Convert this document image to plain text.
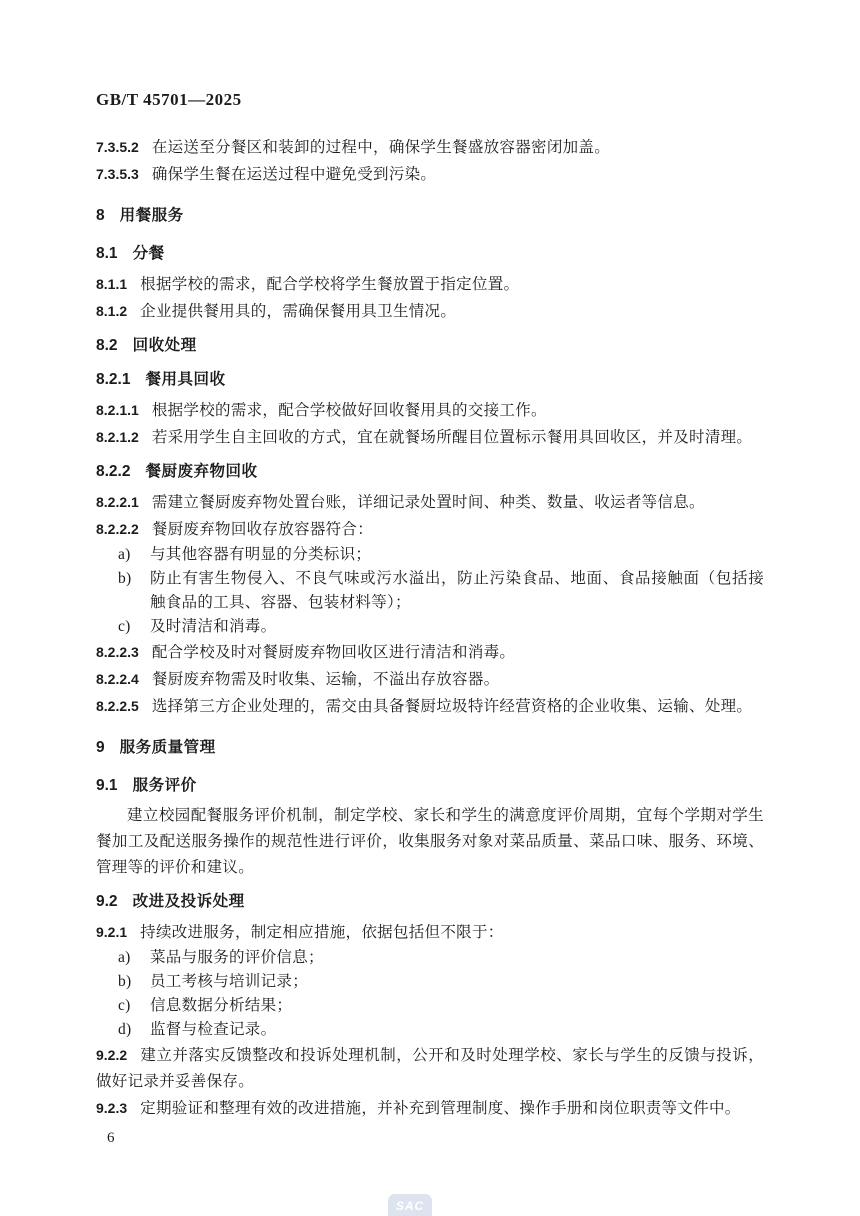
GB/T 45701—2025
7.3.5.2 在运送至分餐区和装卸的过程中，确保学生餐盛放容器密闭加盖。
7.3.5.3 确保学生餐在运送过程中避免受到污染。
8 用餐服务
8.1 分餐
8.1.1 根据学校的需求，配合学校将学生餐放置于指定位置。
8.1.2 企业提供餐用具的，需确保餐用具卫生情况。
8.2 回收处理
8.2.1 餐用具回收
8.2.1.1 根据学校的需求，配合学校做好回收餐用具的交接工作。
8.2.1.2 若采用学生自主回收的方式，宜在就餐场所醒目位置标示餐用具回收区，并及时清理。
8.2.2 餐厨废弃物回收
8.2.2.1 需建立餐厨废弃物处置台账，详细记录处置时间、种类、数量、收运者等信息。
8.2.2.2 餐厨废弃物回收存放容器符合：
a) 与其他容器有明显的分类标识；
b) 防止有害生物侵入、不良气味或污水溢出，防止污染食品、地面、食品接触面（包括接触食品的工具、容器、包装材料等）；
c) 及时清洁和消毒。
8.2.2.3 配合学校及时对餐厨废弃物回收区进行清洁和消毒。
8.2.2.4 餐厨废弃物需及时收集、运输，不溢出存放容器。
8.2.2.5 选择第三方企业处理的，需交由具备餐厨垃圾特许经营资格的企业收集、运输、处理。
9 服务质量管理
9.1 服务评价
建立校园配餐服务评价机制，制定学校、家长和学生的满意度评价周期，宜每个学期对学生餐加工及配送服务操作的规范性进行评价，收集服务对象对菜品质量、菜品口味、服务、环境、管理等的评价和建议。
9.2 改进及投诉处理
9.2.1 持续改进服务，制定相应措施，依据包括但不限于：
a) 菜品与服务的评价信息；
b) 员工考核与培训记录；
c) 信息数据分析结果；
d) 监督与检查记录。
9.2.2 建立并落实反馈整改和投诉处理机制，公开和及时处理学校、家长与学生的反馈与投诉，做好记录并妥善保存。
9.2.3 定期验证和整理有效的改进措施，并补充到管理制度、操作手册和岗位职责等文件中。
6
SAC
